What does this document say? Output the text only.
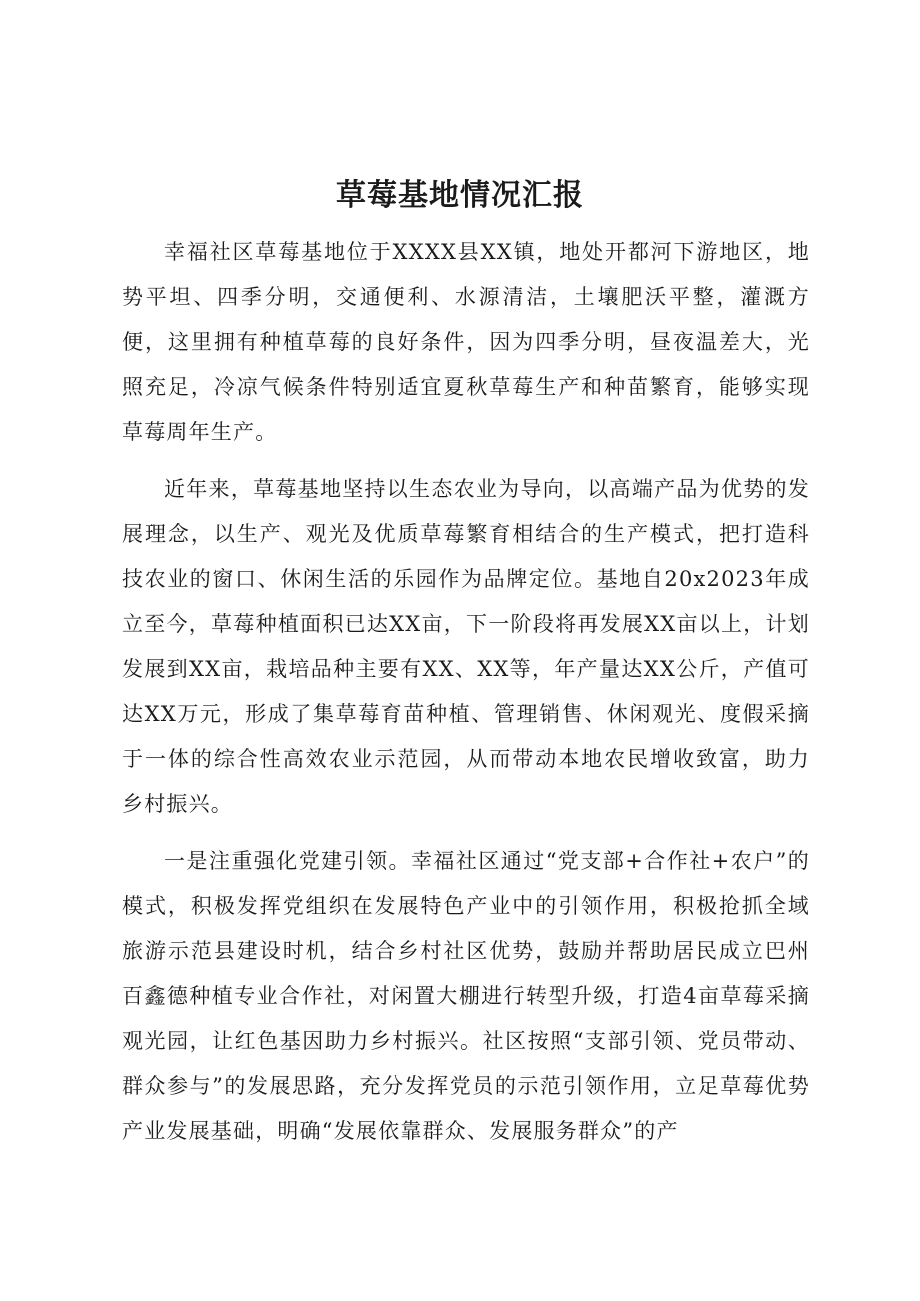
草莓基地情况汇报

幸福社区草莓基地位于XXXX县XX镇，地处开都河下游地区，地势平坦、四季分明，交通便利、水源清洁，土壤肥沃平整，灌溉方便，这里拥有种植草莓的良好条件，因为四季分明，昼夜温差大，光照充足，冷凉气候条件特别适宜夏秋草莓生产和种苗繁育，能够实现草莓周年生产。

近年来，草莓基地坚持以生态农业为导向，以高端产品为优势的发展理念，以生产、观光及优质草莓繁育相结合的生产模式，把打造科技农业的窗口、休闲生活的乐园作为品牌定位。基地自20x2023年成立至今，草莓种植面积已达XX亩，下一阶段将再发展XX亩以上，计划发展到XX亩，栽培品种主要有XX、XX等，年产量达XX公斤，产值可达XX万元，形成了集草莓育苗种植、管理销售、休闲观光、度假采摘于一体的综合性高效农业示范园，从而带动本地农民增收致富，助力乡村振兴。

一是注重强化党建引领。幸福社区通过“党支部+合作社+农户”的模式，积极发挥党组织在发展特色产业中的引领作用，积极抢抓全域旅游示范县建设时机，结合乡村社区优势，鼓励并帮助居民成立巴州百鑫德种植专业合作社，对闲置大棚进行转型升级，打造4亩草莓采摘观光园，让红色基因助力乡村振兴。社区按照“支部引领、党员带动、群众参与”的发展思路，充分发挥党员的示范引领作用，立足草莓优势产业发展基础，明确“发展依靠群众、发展服务群众”的产
